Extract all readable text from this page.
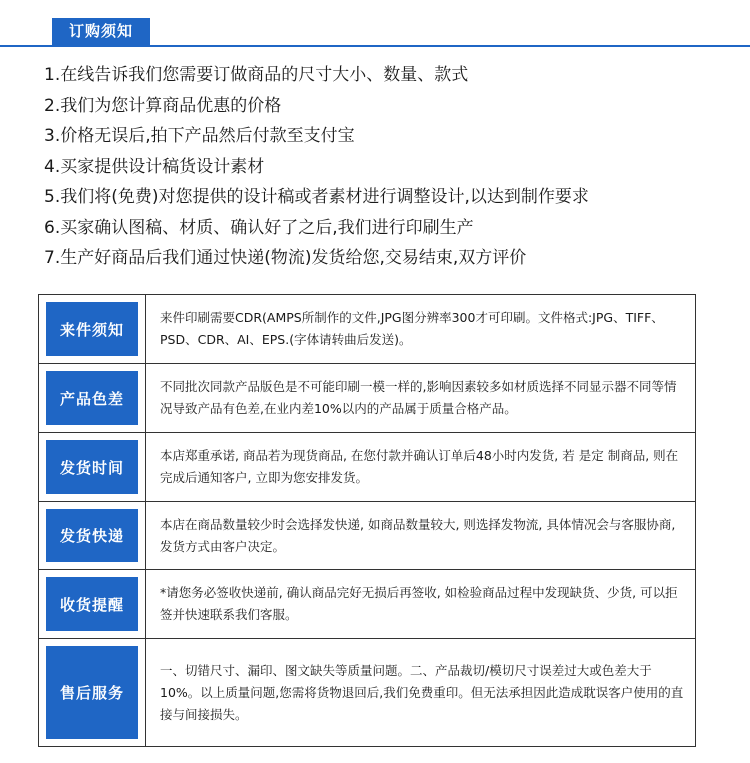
订购须知
1.在线告诉我们您需要订做商品的尺寸大小、数量、款式
2.我们为您计算商品优惠的价格
3.价格无误后,拍下产品然后付款至支付宝
4.买家提供设计稿货设计素材
5.我们将(免费)对您提供的设计稿或者素材进行调整设计,以达到制作要求
6.买家确认图稿、材质、确认好了之后,我们进行印刷生产
7.生产好商品后我们通过快递(物流)发货给您,交易结束,双方评价
来件须知
来件印刷需要CDR(AMPS所制作的文件,JPG图分辨率300才可印刷。文件格式:JPG、TIFF、PSD、CDR、AI、EPS.(字体请转曲后发送)。
产品色差
不同批次同款产品版色是不可能印刷一模一样的,影响因素较多如材质选择不同显示器不同等情况导致产品有色差,在业内差10%以内的产品属于质量合格产品。
发货时间
本店郑重承诺, 商品若为现货商品, 在您付款并确认订单后48小时内发货, 若 是定 制商品, 则在完成后通知客户, 立即为您安排发货。
发货快递
本店在商品数量较少时会选择发快递, 如商品数量较大, 则选择发物流, 具体情况会与客服协商, 发货方式由客户决定。
收货提醒
*请您务必签收快递前, 确认商品完好无损后再签收, 如检验商品过程中发现缺货、少货, 可以拒签并快速联系我们客服。
售后服务
一、切错尺寸、漏印、图文缺失等质量问题。二、产品裁切/模切尺寸误差过大或色差大于10%。以上质量问题,您需将货物退回后,我们免费重印。但无法承担因此造成耽误客户使用的直接与间接损失。
